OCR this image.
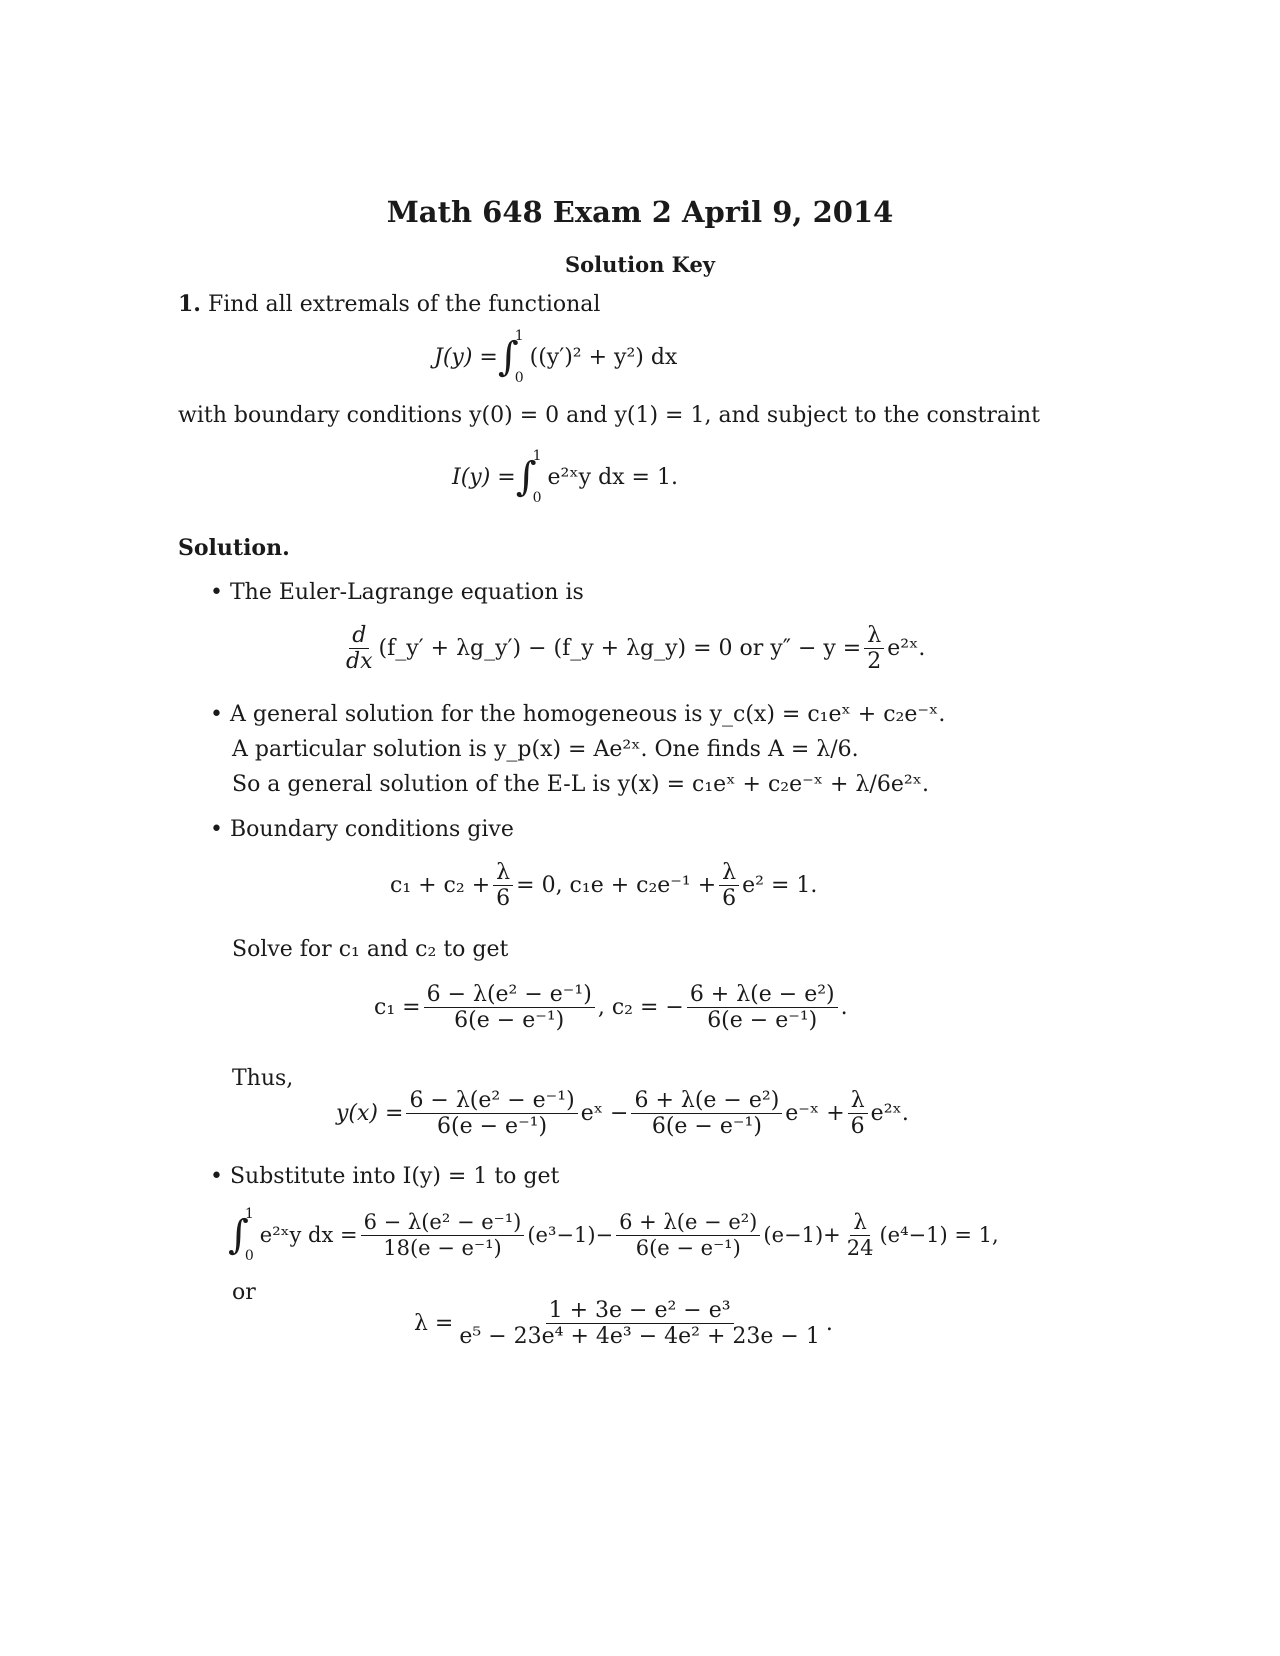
Math 648 Exam 2 April 9, 2014
Solution Key
1. Find all extremals of the functional
J(y) = ∫
1
0
((y′)² + y²) dx
with boundary conditions y(0) = 0 and y(1) = 1, and subject to the constraint
I(y) = ∫
1
0
e²ˣy dx = 1.
Solution.
• The Euler-Lagrange equation is
$\frac{d}{dx}$ (f_y′ + λg_y′) − (f_y + λg_y) = 0 or $y'' - y = \frac{\lambda}{2}$ e²ˣ.
• A general solution for the homogeneous is y_c(x) = c₁eˣ + c₂e⁻ˣ.
A particular solution is y_p(x) = Ae²ˣ. One finds A = λ/6.
So a general solution of the E-L is y(x) = c₁eˣ + c₂e⁻ˣ + λ/6e²ˣ.
• Boundary conditions give
$c_1 + c_2 + \frac{\lambda}{6} = 0$, $c_1e + c_2e^{-1} + \frac{\lambda}{6} e^2 = 1$.
Solve for c₁ and c₂ to get
$c_1 = \frac{\text{6 − λ(e² − e⁻¹)}}{\text{6(e − e⁻¹)}}$ , c₂ = − $\frac{\text{6 + λ(e − e²)}}{\text{6(e − e⁻¹)}}$ .
Thus,
$y(x) = \frac{\text{6 − λ(e² − e⁻¹)}}{\text{6(e − e⁻¹)}}$ eˣ − $\frac{\text{6 + λ(e − e²)}}{\text{6(e − e⁻¹)}}$ e⁻ˣ + $\frac{\lambda}{6}$ e²ˣ.
• Substitute into I(y) = 1 to get
∫
1
0
e²ˣy dx = $\frac{\text{6 − λ(e² − e⁻¹)}}{\text{18(e − e⁻¹)}} (e^3-1)- \frac{\text{6 + λ(e − e²)}}{\text{6(e − e⁻¹)}} (e-1)+ \frac{\lambda}{24} (e^4-1) = 1$,
or
$\lambda = \frac{\text{1 + 3e − e² − e³}}{\text{e⁵ − 23e⁴ + 4e³ − 4e² + 23e − 1}}$ .
